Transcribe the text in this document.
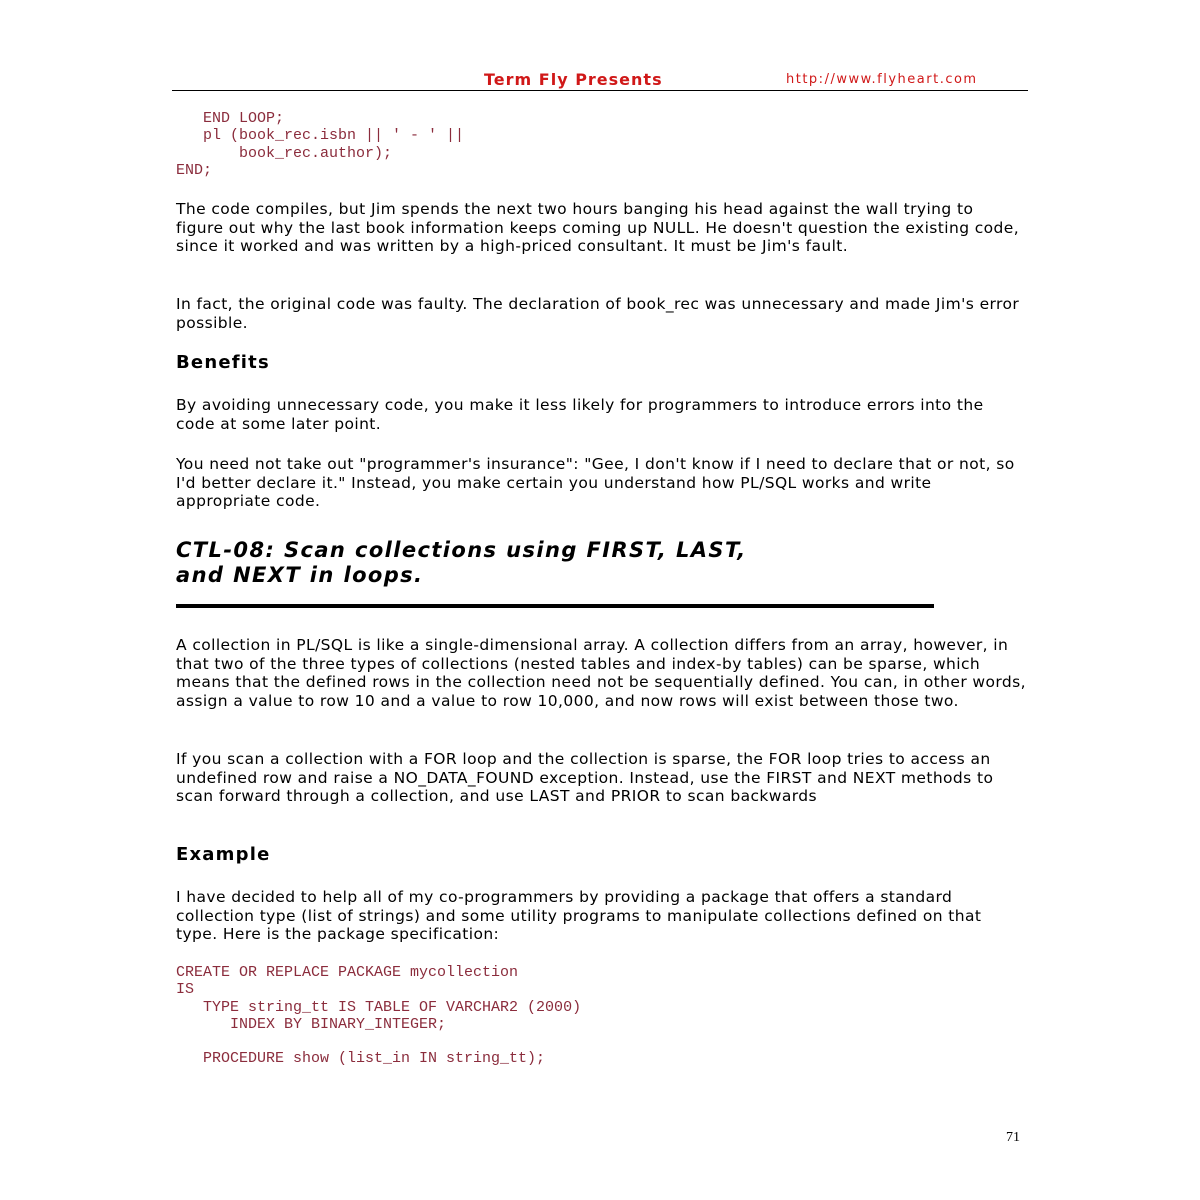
Term Fly Presents	http://www.flyheart.com
END LOOP;
pl (book_rec.isbn || ' - ' ||
book_rec.author);
END;

The code compiles, but Jim spends the next two hours banging his head against the wall trying to figure out why the last book information keeps coming up NULL. He doesn't question the existing code, since it worked and was written by a high-priced consultant. It must be Jim's fault.

In fact, the original code was faulty. The declaration of book_rec was unnecessary and made Jim's error possible.

Benefits

By avoiding unnecessary code, you make it less likely for programmers to introduce errors into the code at some later point.

You need not take out "programmer's insurance": "Gee, I don't know if I need to declare that or not, so I'd better declare it." Instead, you make certain you understand how PL/SQL works and write appropriate code.

CTL-08: Scan collections using FIRST, LAST,
and NEXT in loops.

A collection in PL/SQL is like a single-dimensional array. A collection differs from an array, however, in that two of the three types of collections (nested tables and index-by tables) can be sparse, which means that the defined rows in the collection need not be sequentially defined. You can, in other words, assign a value to row 10 and a value to row 10,000, and now rows will exist between those two.

If you scan a collection with a FOR loop and the collection is sparse, the FOR loop tries to access an undefined row and raise a NO_DATA_FOUND exception. Instead, use the FIRST and NEXT methods to scan forward through a collection, and use LAST and PRIOR to scan backwards

Example

I have decided to help all of my co-programmers by providing a package that offers a standard collection type (list of strings) and some utility programs to manipulate collections defined on that type. Here is the package specification:

CREATE OR REPLACE PACKAGE mycollection
IS
TYPE string_tt IS TABLE OF VARCHAR2 (2000)
INDEX BY BINARY_INTEGER;

PROCEDURE show (list_in IN string_tt);
71
